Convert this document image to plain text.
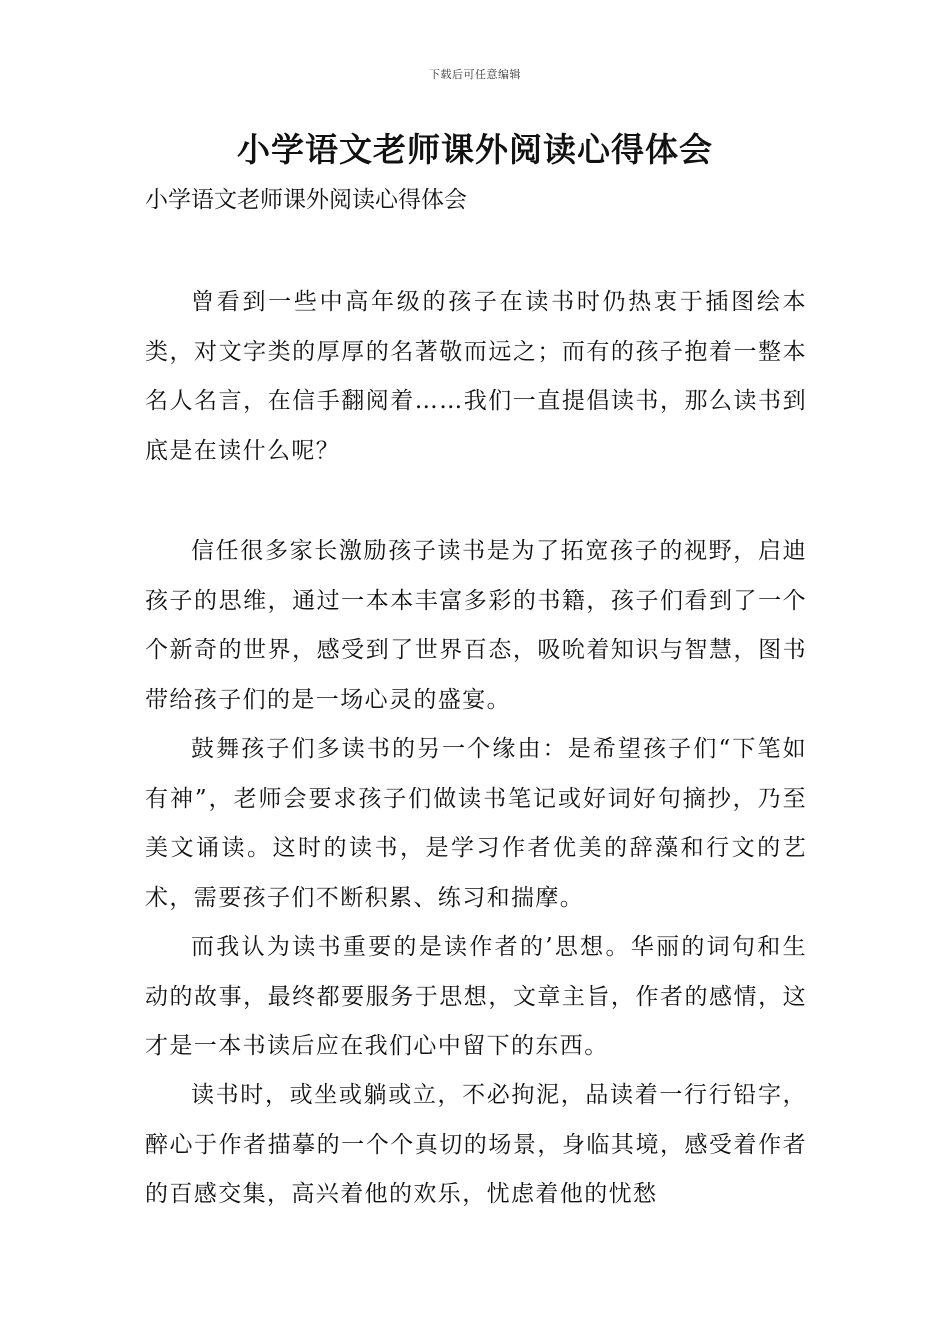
下载后可任意编辑
小学语文老师课外阅读心得体会

小学语文老师课外阅读心得体会

曾看到一些中高年级的孩子在读书时仍热衷于插图绘本类，对文字类的厚厚的名著敬而远之；而有的孩子抱着一整本名人名言，在信手翻阅着……我们一直提倡读书，那么读书到底是在读什么呢？

信任很多家长激励孩子读书是为了拓宽孩子的视野，启迪孩子的思维，通过一本本丰富多彩的书籍，孩子们看到了一个个新奇的世界，感受到了世界百态，吸吮着知识与智慧，图书带给孩子们的是一场心灵的盛宴。

鼓舞孩子们多读书的另一个缘由：是希望孩子们“下笔如有神”，老师会要求孩子们做读书笔记或好词好句摘抄，乃至美文诵读。这时的读书，是学习作者优美的辞藻和行文的艺术，需要孩子们不断积累、练习和揣摩。

而我认为读书重要的是读作者的’思想。华丽的词句和生动的故事，最终都要服务于思想，文章主旨，作者的感情，这才是一本书读后应在我们心中留下的东西。

读书时，或坐或躺或立，不必拘泥，品读着一行行铅字，醉心于作者描摹的一个个真切的场景，身临其境，感受着作者的百感交集，高兴着他的欢乐，忧虑着他的忧愁
